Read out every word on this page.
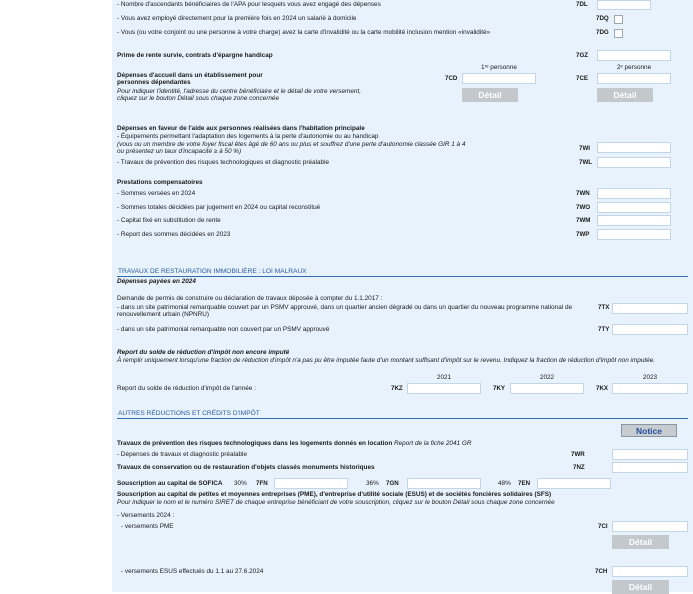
- Nombre d'ascendants bénéficiaires de l'APA pour lesquels vous avez engagé des dépenses	7DL
- Vous avez employé directement pour la première fois en 2024 un salarié à domicile	7DQ
- Vous (ou votre conjoint ou une personne à votre charge) avez la carte d'invalidité ou la carte mobilité inclusion mention «invalidité»	7DG
Prime de rente survie, contrats d'épargne handicap	7GZ
1ʳᵉ personne	2ᵉ personne
Dépenses d'accueil dans un établissement pour
personnes dépendantes
Pour indiquer l'identité, l'adresse du centre bénéficiaire et le détail de votre versement,
cliquez sur le bouton Détail sous chaque zone concernée
7CD	7CE
Détail	Détail
Dépenses en faveur de l'aide aux personnes réalisées dans l'habitation principale
- Équipements permettant l'adaptation des logements à la perte d'autonomie ou au handicap
(vous ou un membre de votre foyer fiscal êtes âgé de 60 ans ou plus et souffrez d'une perte d'autonomie classée GIR 1 à 4
ou présentez un taux d'incapacité ≥ à 50 %)	7WI
- Travaux de prévention des risques technologiques et diagnostic préalable	7WL
Prestations compensatoires
- Sommes versées en 2024	7WN
- Sommes totales décidées par jugement en 2024 ou capital reconstitué	7WO
- Capital fixé en substitution de rente	7WM
- Report des sommes décidées en 2023	7WP
TRAVAUX DE RESTAURATION IMMOBILIÈRE : LOI MALRAUX
Dépenses payées en 2024
Demande de permis de construire ou déclaration de travaux déposée à compter du 1.1.2017 :
- dans un site patrimonial remarquable couvert par un PSMV approuvé, dans un quartier ancien dégradé ou dans un quartier du nouveau programme national de
renouvellement urbain (NPNRU)
7TX
- dans un site patrimonial remarquable non couvert par un PSMV approuvé	7TY
Report du solde de réduction d'impôt non encore imputé
À remplir uniquement lorsqu'une fraction de réduction d'impôt n'a pas pu être imputée faute d'un montant suffisant d'impôt sur le revenu. Indiquez la fraction de réduction d'impôt non imputée.
2021	2022	2023
Report du solde de réduction d'impôt de l'année :	7KZ	7KY	7KX
AUTRES RÉDUCTIONS ET CRÉDITS D'IMPÔT
Notice
Travaux de prévention des risques technologiques dans les logements donnés en location Report de la fiche 2041 GR
- Dépenses de travaux et diagnostic préalable	7WR
Travaux de conservation ou de restauration d'objets classés monuments historiques	7NZ
Souscription au capital de SOFICA 30% 7FN	36% 7GN	48% 7EN
Souscription au capital de petites et moyennes entreprises (PME), d'entreprise d'utilité sociale (ESUS) et de sociétés foncières solidaires (SFS)
Pour indiquer le nom et le numéro SIRET de chaque entreprise bénéficiant de votre souscription, cliquez sur le bouton Détail sous chaque zone concernée
- Versements 2024 :
- versements PME	7CI
Détail
- versements ESUS effectués du 1.1 au 27.6.2024	7CH
Détail
